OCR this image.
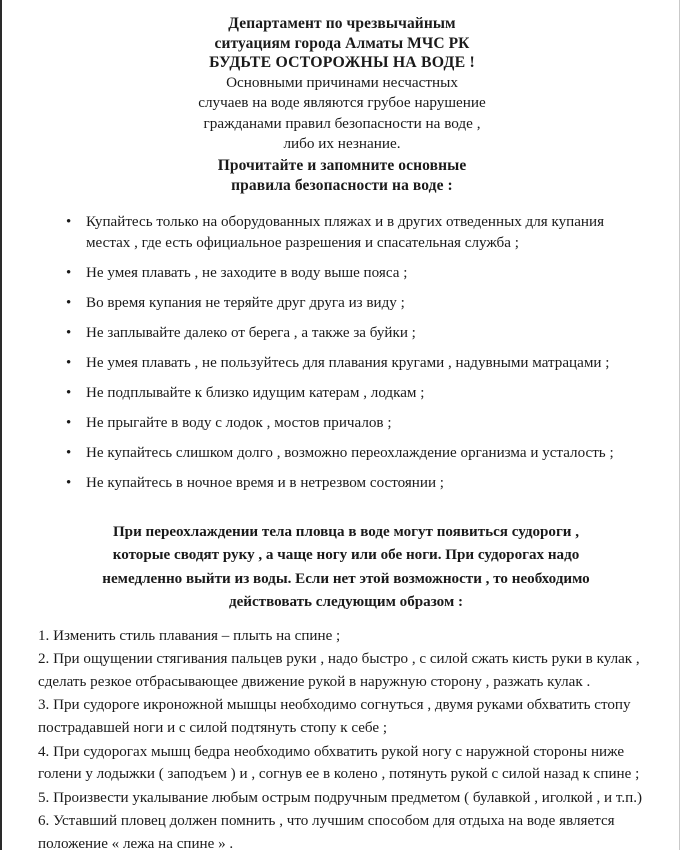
Департамент по чрезвычайным
ситуациям города Алматы МЧС РК
БУДЬТЕ ОСТОРОЖНЫ НА ВОДЕ !
Основными причинами несчастных
случаев на воде являются грубое нарушение
гражданами правил безопасности на воде ,
либо их незнание.
Прочитайте и запомните основные
правила безопасности на воде :
• Купайтесь только на оборудованных пляжах и в других отведенных для купания местах , где есть официальное разрешения и спасательная служба ;
• Не умея плавать , не заходите в воду выше пояса ;
• Во время купания не теряйте друг друга из виду ;
• Не заплывайте далеко от берега , а также за буйки ;
• Не умея плавать , не пользуйтесь для плавания кругами , надувными матрацами ;
• Не подплывайте к близко идущим катерам , лодкам ;
• Не прыгайте в воду с лодок , мостов причалов ;
• Не купайтесь слишком долго , возможно переохлаждение организма и усталость ;
• Не купайтесь в ночное время и в нетрезвом состоянии ;
При переохлаждении тела пловца в воде могут появиться судороги ,
которые сводят руку , а чаще ногу или обе ноги. При судорогах надо
немедленно выйти из воды. Если нет этой возможности , то необходимо
действовать следующим образом :
1. Изменить стиль плавания – плыть на спине ;
2. При ощущении стягивания пальцев руки , надо быстро , с силой сжать кисть руки в кулак , сделать резкое отбрасывающее движение рукой в наружную сторону , разжать кулак .
3. При судороге икроножной мышцы необходимо согнуться , двумя руками обхватить стопу пострадавшей ноги и с силой подтянуть стопу к себе ;
4. При судорогах мышц бедра необходимо обхватить рукой ногу с наружной стороны ниже голени у лодыжки ( заподъем ) и , согнув ее в колено , потянуть рукой с силой назад к спине ;
5. Произвести укалывание любым острым подручным предметом ( булавкой , иголкой , и т.п.)
6. Уставший пловец должен помнить , что лучшим способом для отдыха на воде является положение « лежа на спине » .
